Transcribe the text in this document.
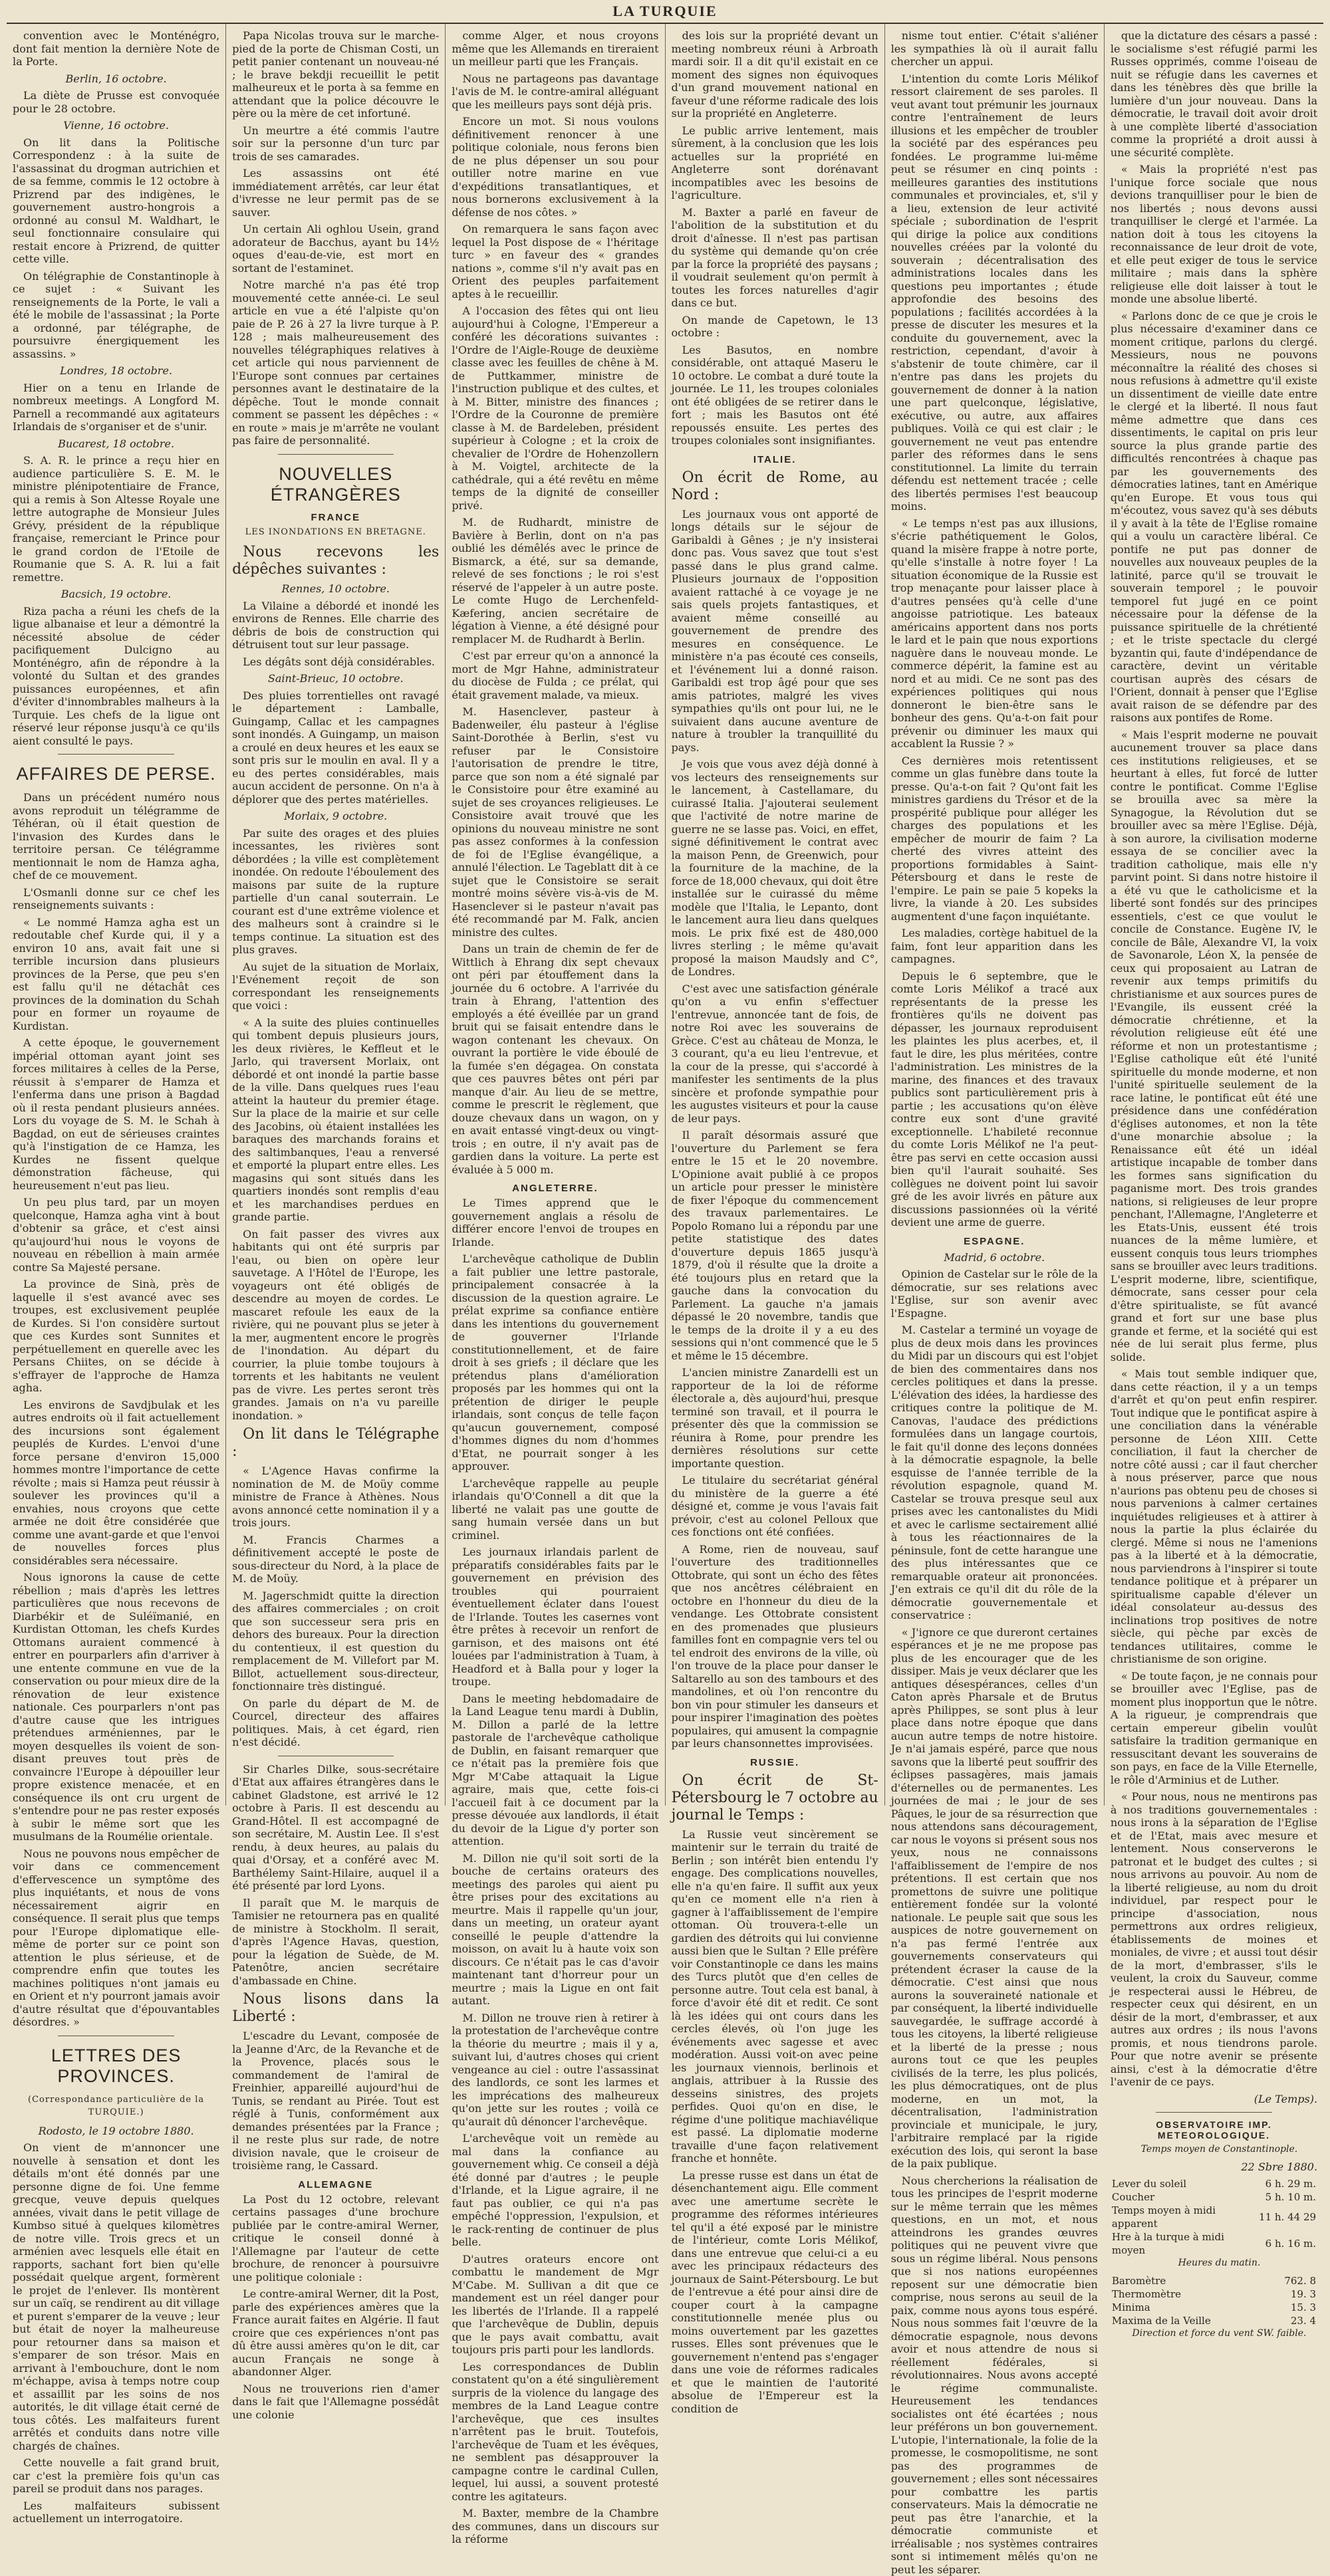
LA TURQUIE

convention avec le Monténégro, dont fait mention la dernière Note de la Porte.

Berlin, 16 octobre.

La diète de Prusse est convoquée pour le 28 octobre.

Vienne, 16 octobre.

On lit dans la Politische Correspondenz : à la suite de l'assassinat du drogman autrichien et de sa femme, commis le 12 octobre à Prizrend par des indigènes, le gouvernement austro-hongrois a ordonné au consul M. Waldhart, le seul fonctionnaire consulaire qui restait encore à Prizrend, de quitter cette ville.

On télégraphie de Constantinople à ce sujet : « Suivant les renseignements de la Porte, le vali a été le mobile de l'assassinat ; la Porte a ordonné, par télégraphe, de poursuivre énergiquement les assassins. »

Londres, 18 octobre.

Hier on a tenu en Irlande de nombreux meetings. A Longford M. Parnell a recommandé aux agitateurs Irlandais de s'organiser et de s'unir.

Bucarest, 18 octobre.

S. A. R. le prince a reçu hier en audience particulière S. E. M. le ministre plénipotentiaire de France, qui a remis à Son Altesse Royale une lettre autographe de Monsieur Jules Grévy, président de la république française, remerciant le Prince pour le grand cordon de l'Etoile de Roumanie que S. A. R. lui a fait remettre.

Bacsich, 19 octobre.

Riza pacha a réuni les chefs de la ligue albanaise et leur a démontré la nécessité absolue de céder pacifiquement Dulcigno au Monténégro, afin de répondre à la volonté du Sultan et des grandes puissances européennes, et afin d'éviter d'innombrables malheurs à la Turquie. Les chefs de la ligue ont réservé leur réponse jusqu'à ce qu'ils aient consulté le pays.

AFFAIRES DE PERSE.

Dans un précédent numéro nous avons reproduit un télégramme de Téhéran, où il était question de l'invasion des Kurdes dans le territoire persan. Ce télégramme mentionnait le nom de Hamza agha, chef de ce mouvement.

L'Osmanli donne sur ce chef les renseignements suivants :

« Le nommé Hamza agha est un redoutable chef Kurde qui, il y a environ 10 ans, avait fait une si terrible incursion dans plusieurs provinces de la Perse, que peu s'en est fallu qu'il ne détachât ces provinces de la domination du Schah pour en former un royaume de Kurdistan.

A cette époque, le gouvernement impérial ottoman ayant joint ses forces militaires à celles de la Perse, réussit à s'emparer de Hamza et l'enferma dans une prison à Bagdad où il resta pendant plusieurs années. Lors du voyage de S. M. le Schah à Bagdad, on eut de sérieuses craintes qu'à l'instigation de ce Hamza, les Kurdes ne fissent quelque démonstration fâcheuse, qui heureusement n'eut pas lieu.

Un peu plus tard, par un moyen quelconque, Hamza agha vint à bout d'obtenir sa grâce, et c'est ainsi qu'aujourd'hui nous le voyons de nouveau en rébellion à main armée contre Sa Majesté persane.

La province de Sinà, près de laquelle il s'est avancé avec ses troupes, est exclusivement peuplée de Kurdes. Si l'on considère surtout que ces Kurdes sont Sunnites et perpétuellement en querelle avec les Persans Chiites, on se décide à s'effrayer de l'approche de Hamza agha.

Les environs de Savdjbulak et les autres endroits où il fait actuellement des incursions sont également peuplés de Kurdes. L'envoi d'une force persane d'environ 15,000 hommes montre l'importance de cette révolte ; mais si Hamza peut réussir à soulever les provinces qu'il a envahies, nous croyons que cette armée ne doit être considérée que comme une avant-garde et que l'envoi de nouvelles forces plus considérables sera nécessaire.

Nous ignorons la cause de cette rébellion ; mais d'après les lettres particulières que nous recevons de Diarbékir et de Suléïmanié, en Kurdistan Ottoman, les chefs Kurdes Ottomans auraient commencé à entrer en pourparlers afin d'arriver à une entente commune en vue de la conservation ou pour mieux dire de la rénovation de leur existence nationale. Ces pourparlers n'ont pas d'autre cause que les intrigues prétendues arméniennes, par le moyen desquelles ils voient de son-disant preuves tout près de convaincre l'Europe à dépouiller leur propre existence menacée, et en conséquence ils ont cru urgent de s'entendre pour ne pas rester exposés à subir le même sort que les musulmans de la Roumélie orientale.

Nous ne pouvons nous empêcher de voir dans ce commencement d'effervescence un symptôme des plus inquiétants, et nous de vons nécessairement aigrir en conséquence. Il serait plus que temps pour l'Europe diplomatique elle-même de porter sur ce point son attention le plus sérieuse, et de comprendre enfin que toutes les machines politiques n'ont jamais eu en Orient et n'y pourront jamais avoir d'autre résultat que d'épouvantables désordres. »

LETTRES DES PROVINCES.

(Correspondance particulière de la TURQUIE.)

Rodosto, le 19 octobre 1880.

On vient de m'annoncer une nouvelle à sensation et dont les détails m'ont été donnés par une personne digne de foi. Une femme grecque, veuve depuis quelques années, vivait dans le petit village de Kumbso situé à quelques kilomètres de notre ville. Trois grecs et un arménien avec lesquels elle était en rapports, sachant fort bien qu'elle possédait quelque argent, formèrent le projet de l'enlever. Ils montèrent sur un caïq, se rendirent au dit village et purent s'emparer de la veuve ; leur but était de noyer la malheureuse pour retourner dans sa maison et s'emparer de son trésor. Mais en arrivant à l'embouchure, dont le nom m'échappe, avisa à temps notre coup et assaillit par les soins de nos autorités, le dit village était cerné de tous côtés. Les malfaiteurs furent arrêtés et conduits dans notre ville chargés de chaînes.

Cette nouvelle a fait grand bruit, car c'est la première fois qu'un cas pareil se produit dans nos parages.

Les malfaiteurs subissent actuellement un interrogatoire.

Papa Nicolas trouva sur le marche-pied de la porte de Chisman Costi, un petit panier contenant un nouveau-né ; le brave bekdji recueillit le petit malheureux et le porta à sa femme en attendant que la police découvre le père ou la mère de cet infortuné.

Un meurtre a été commis l'autre soir sur la personne d'un turc par trois de ses camarades.

Les assassins ont été immédiatement arrêtés, car leur état d'ivresse ne leur permit pas de se sauver.

Un certain Ali oghlou Usein, grand adorateur de Bacchus, ayant bu 14½ oques d'eau-de-vie, est mort en sortant de l'estaminet.

Notre marché n'a pas été trop mouvementé cette année-ci. Le seul article en vue a été l'alpiste qu'on paie de P. 26 à 27 la livre turque à P. 128 ; mais malheureusement des nouvelles télégraphiques relatives à cet article qui nous parviennent de l'Europe sont connues par certaines personnes avant le destinataire de la dépêche. Tout le monde connait comment se passent les dépêches : « en route » mais je m'arrête ne voulant pas faire de personnalité.

NOUVELLES ÉTRANGÈRES
FRANCE

LES INONDATIONS EN BRETAGNE.

Nous recevons les dépêches suivantes :

Rennes, 10 octobre.

La Vilaine a débordé et inondé les environs de Rennes. Elle charrie des débris de bois de construction qui détruisent tout sur leur passage.

Les dégâts sont déjà considérables.

Saint-Brieuc, 10 octobre.

Des pluies torrentielles ont ravagé le département : Lamballe, Guingamp, Callac et les campagnes sont inondés. A Guingamp, un maison a croulé en deux heures et les eaux se sont pris sur le moulin en aval. Il y a eu des pertes considérables, mais aucun accident de personne. On n'a à déplorer que des pertes matérielles.

Morlaix, 9 octobre.

Par suite des orages et des pluies incessantes, les rivières sont débordées ; la ville est complètement inondée. On redoute l'éboulement des maisons par suite de la rupture partielle d'un canal souterrain. Le courant est d'une extrême violence et des malheurs sont à craindre si le temps continue. La situation est des plus graves.

Au sujet de la situation de Morlaix, l'Evénement reçoit de son correspondant les renseignements que voici :

« A la suite des pluies continuelles qui tombent depuis plusieurs jours, les deux rivières, le Keffleut et le Jarlo, qui traversent Morlaix, ont débordé et ont inondé la partie basse de la ville. Dans quelques rues l'eau atteint la hauteur du premier étage. Sur la place de la mairie et sur celle des Jacobins, où étaient installées les baraques des marchands forains et des saltimbanques, l'eau a renversé et emporté la plupart entre elles. Les magasins qui sont situés dans les quartiers inondés sont remplis d'eau et les marchandises perdues en grande partie.

On fait passer des vivres aux habitants qui ont été surpris par l'eau, ou bien on opère leur sauvetage. A l'Hôtel de l'Europe, les voyageurs ont été obligés de descendre au moyen de cordes. Le mascaret refoule les eaux de la rivière, qui ne pouvant plus se jeter à la mer, augmentent encore le progrès de l'inondation. Au départ du courrier, la pluie tombe toujours à torrents et les habitants ne veulent pas de vivre. Les pertes seront très grandes. Jamais on n'a vu pareille inondation. »

On lit dans le Télégraphe :

« L'Agence Havas confirme la nomination de M. de Moüy comme ministre de France à Athènes. Nous avons annoncé cette nomination il y a trois jours.

M. Francis Charmes a définitivement accepté le poste de sous-directeur du Nord, à la place de M. de Moüy.

M. Jagerschmidt quitte la direction des affaires commerciales ; on croit que son successeur sera pris en dehors des bureaux. Pour la direction du contentieux, il est question du remplacement de M. Villefort par M. Billot, actuellement sous-directeur, fonctionnaire très distingué.

On parle du départ de M. de Courcel, directeur des affaires politiques. Mais, à cet égard, rien n'est décidé.

Sir Charles Dilke, sous-secrétaire d'Etat aux affaires étrangères dans le cabinet Gladstone, est arrivé le 12 octobre à Paris. Il est descendu au Grand-Hôtel. Il est accompagné de son secrétaire, M. Austin Lee. Il s'est rendu, à deux heures, au palais du quai d'Orsay, et a conféré avec M. Barthélemy Saint-Hilaire, auquel il a été présenté par lord Lyons.

Il paraît que M. le marquis de Tamisier ne retournera pas en qualité de ministre à Stockholm. Il serait, d'après l'Agence Havas, question, pour la légation de Suède, de M. Patenôtre, ancien secrétaire d'ambassade en Chine.

Nous lisons dans la Liberté :

L'escadre du Levant, composée de la Jeanne d'Arc, de la Revanche et de la Provence, placés sous le commandement de l'amiral de Freinhier, appareillé aujourd'hui de Tunis, se rendant au Pirée. Tout est réglé à Tunis, conformément aux demandes présentées par la France ; il ne reste plus sur rade, de notre division navale, que le croiseur de troisième rang, le Cassard.

ALLEMAGNE

La Post du 12 octobre, relevant certains passages d'une brochure publiée par le contre-amiral Werner, critique le conseil donné à l'Allemagne par l'auteur de cette brochure, de renoncer à poursuivre une politique coloniale :

Le contre-amiral Werner, dit la Post, parle des expériences amères que la France aurait faites en Algérie. Il faut croire que ces expériences n'ont pas dû être aussi amères qu'on le dit, car aucun Français ne songe à abandonner Alger.

Nous ne trouverions rien d'amer dans le fait que l'Allemagne possédât une colonie

comme Alger, et nous croyons même que les Allemands en tireraient un meilleur parti que les Français.

Nous ne partageons pas davantage l'avis de M. le contre-amiral alléguant que les meilleurs pays sont déjà pris.

Encore un mot. Si nous voulons définitivement renoncer à une politique coloniale, nous ferons bien de ne plus dépenser un sou pour outiller notre marine en vue d'expéditions transatlantiques, et nous bornerons exclusivement à la défense de nos côtes. »

On remarquera le sans façon avec lequel la Post dispose de « l'héritage turc » en faveur des « grandes nations », comme s'il n'y avait pas en Orient des peuples parfaitement aptes à le recueillir.

A l'occasion des fêtes qui ont lieu aujourd'hui à Cologne, l'Empereur a conféré les décorations suivantes : l'Ordre de l'Aigle-Rouge de deuxième classe avec les feuilles de chêne à M. de Puttkammer, ministre de l'instruction publique et des cultes, et à M. Bitter, ministre des finances ; l'Ordre de la Couronne de première classe à M. de Bardeleben, président supérieur à Cologne ; et la croix de chevalier de l'Ordre de Hohenzollern à M. Voigtel, architecte de la cathédrale, qui a été revêtu en même temps de la dignité de conseiller privé.

M. de Rudhardt, ministre de Bavière à Berlin, dont on n'a pas oublié les démêlés avec le prince de Bismarck, a été, sur sa demande, relevé de ses fonctions ; le roi s'est réservé de l'appeler à un autre poste. Le comte Hugo de Lerchenfeld-Kæfering, ancien secrétaire de légation à Vienne, a été désigné pour remplacer M. de Rudhardt à Berlin.

C'est par erreur qu'on a annoncé la mort de Mgr Hahne, administrateur du diocèse de Fulda ; ce prélat, qui était gravement malade, va mieux.

M. Hasenclever, pasteur à Badenweiler, élu pasteur à l'église Saint-Dorothée à Berlin, s'est vu refuser par le Consistoire l'autorisation de prendre le titre, parce que son nom a été signalé par le Consistoire pour être examiné au sujet de ses croyances religieuses. Le Consistoire avait trouvé que les opinions du nouveau ministre ne sont pas assez conformes à la confession de foi de l'Eglise évangélique, a annulé l'élection. Le Tageblatt dit à ce sujet que le Consistoire se serait montré moins sévère vis-à-vis de M. Hasenclever si le pasteur n'avait pas été recommandé par M. Falk, ancien ministre des cultes.

Dans un train de chemin de fer de Wittlich à Ehrang dix sept chevaux ont péri par étouffement dans la journée du 6 octobre. A l'arrivée du train à Ehrang, l'attention des employés a été éveillée par un grand bruit qui se faisait entendre dans le wagon contenant les chevaux. On ouvrant la portière le vide éboulé de la fumée s'en dégagea. On constata que ces pauvres bêtes ont péri par manque d'air. Au lieu de se mettre, comme le prescrit le règlement, que douze chevaux dans un wagon, on y en avait entassé vingt-deux ou vingt-trois ; en outre, il n'y avait pas de gardien dans la voiture. La perte est évaluée à 5 000 m.

ANGLETERRE.

Le Times apprend que le gouvernement anglais a résolu de différer encore l'envoi de troupes en Irlande.

L'archevêque catholique de Dublin a fait publier une lettre pastorale, principalement consacrée à la discussion de la question agraire. Le prélat exprime sa confiance entière dans les intentions du gouvernement de gouverner l'Irlande constitutionnellement, et de faire droit à ses griefs ; il déclare que les prétendus plans d'amélioration proposés par les hommes qui ont la prétention de diriger le peuple irlandais, sont conçus de telle façon qu'aucun gouvernement, composé d'hommes dignes du nom d'hommes d'Etat, ne pourrait songer à les approuver.

L'archevêque rappelle au peuple irlandais qu'O'Connell a dit que la liberté ne valait pas une goutte de sang humain versée dans un but criminel.

Les journaux irlandais parlent de préparatifs considérables faits par le gouvernement en prévision des troubles qui pourraient éventuellement éclater dans l'ouest de l'Irlande. Toutes les casernes vont être prêtes à recevoir un renfort de garnison, et des maisons ont été louées par l'administration à Tuam, à Headford et à Balla pour y loger la troupe.

Dans le meeting hebdomadaire de la Land League tenu mardi à Dublin, M. Dillon a parlé de la lettre pastorale de l'archevêque catholique de Dublin, en faisant remarquer que ce n'était pas la première fois que Mgr M'Cabe attaquait la Ligue agraire, mais que, cette fois-ci l'accueil fait à ce document par la presse dévouée aux landlords, il était du devoir de la Ligue d'y porter son attention.

M. Dillon nie qu'il soit sorti de la bouche de certains orateurs des meetings des paroles qui aient pu être prises pour des excitations au meurtre. Mais il rappelle qu'un jour, dans un meeting, un orateur ayant conseillé le peuple d'attendre la moisson, on avait lu à haute voix son discours. Ce n'était pas le cas d'avoir maintenant tant d'horreur pour un meurtre ; mais la Ligue en ont fait autant.

M. Dillon ne trouve rien à retirer à la protestation de l'archevêque contre la théorie du meurtre ; mais il y a, suivant lui, d'autres choses qui crient vengeance au ciel : outre l'assassinat des landlords, ce sont les larmes et les imprécations des malheureux qu'on jette sur les routes ; voilà ce qu'aurait dû dénoncer l'archevêque.

L'archevêque voit un remède au mal dans la confiance au gouvernement whig. Ce conseil a déjà été donné par d'autres ; le peuple d'Irlande, et la Ligue agraire, il ne faut pas oublier, ce qui n'a pas empêché l'oppression, l'expulsion, et le rack-renting de continuer de plus belle.

D'autres orateurs encore ont combattu le mandement de Mgr M'Cabe. M. Sullivan a dit que ce mandement est un réel danger pour les libertés de l'Irlande. Il a rappelé que l'archevêque de Dublin, depuis que le pays avait combattu, avait toujours pris parti pour les landlords.

Les correspondances de Dublin constatent qu'on a été singulièrement surpris de la violence du langage des membres de la Land League contre l'archevêque, que ces insultes n'arrêtent pas le bruit. Toutefois, l'archevêque de Tuam et les évêques, ne semblent pas désapprouver la campagne contre le cardinal Cullen, lequel, lui aussi, a souvent protesté contre les agitateurs.

M. Baxter, membre de la Chambre des communes, dans un discours sur la réforme

des lois sur la propriété devant un meeting nombreux réuni à Arbroath mardi soir. Il a dit qu'il existait en ce moment des signes non équivoques d'un grand mouvement national en faveur d'une réforme radicale des lois sur la propriété en Angleterre.

Le public arrive lentement, mais sûrement, à la conclusion que les lois actuelles sur la propriété en Angleterre sont dorénavant incompatibles avec les besoins de l'agriculture.

M. Baxter a parlé en faveur de l'abolition de la substitution et du droit d'aînesse. Il n'est pas partisan du système qui demande qu'on crée par la force la propriété des paysans ; il voudrait seulement qu'on permît à toutes les forces naturelles d'agir dans ce but.

On mande de Capetown, le 13 octobre :

Les Basutos, en nombre considérable, ont attaqué Maseru le 10 octobre. Le combat a duré toute la journée. Le 11, les troupes coloniales ont été obligées de se retirer dans le fort ; mais les Basutos ont été repoussés ensuite. Les pertes des troupes coloniales sont insignifiantes.

ITALIE.

On écrit de Rome, au Nord :

Les journaux vous ont apporté de longs détails sur le séjour de Garibaldi à Gênes ; je n'y insisterai donc pas. Vous savez que tout s'est passé dans le plus grand calme. Plusieurs journaux de l'opposition avaient rattaché à ce voyage je ne sais quels projets fantastiques, et avaient même conseillé au gouvernement de prendre des mesures en conséquence. Le ministère n'a pas écouté ces conseils, et l'événement lui a donné raison. Garibaldi est trop âgé pour que ses amis patriotes, malgré les vives sympathies qu'ils ont pour lui, ne le suivaient dans aucune aventure de nature à troubler la tranquillité du pays.

Je vois que vous avez déjà donné à vos lecteurs des renseignements sur le lancement, à Castellamare, du cuirassé Italia. J'ajouterai seulement que l'activité de notre marine de guerre ne se lasse pas. Voici, en effet, signé définitivement le contrat avec la maison Penn, de Greenwich, pour la fourniture de la machine, de la force de 18,000 chevaux, qui doit être installée sur le cuirassé du même modèle que l'Italia, le Lepanto, dont le lancement aura lieu dans quelques mois. Le prix fixé est de 480,000 livres sterling ; le même qu'avait proposé la maison Maudsly and C°, de Londres.

C'est avec une satisfaction générale qu'on a vu enfin s'effectuer l'entrevue, annoncée tant de fois, de notre Roi avec les souverains de Grèce. C'est au château de Monza, le 3 courant, qu'a eu lieu l'entrevue, et la cour de la presse, qui s'accordé à manifester les sentiments de la plus sincère et profonde sympathie pour les augustes visiteurs et pour la cause de leur pays.

Il paraît désormais assuré que l'ouverture du Parlement se fera entre le 15 et le 20 novembre. L'Opinione avait publié à ce propos un article pour presser le ministère de fixer l'époque du commencement des travaux parlementaires. Le Popolo Romano lui a répondu par une petite statistique des dates d'ouverture depuis 1865 jusqu'à 1879, d'où il résulte que la droite a été toujours plus en retard que la gauche dans la convocation du Parlement. La gauche n'a jamais dépassé le 20 novembre, tandis que le temps de la droite il y a eu des sessions qui n'ont commencé que le 5 et même le 15 décembre.

L'ancien ministre Zanardelli est un rapporteur de la loi de réforme électorale a, dès aujourd'hui, presque terminé son travail, et il pourra le présenter dès que la commission se réunira à Rome, pour prendre les dernières résolutions sur cette importante question.

Le titulaire du secrétariat général du ministère de la guerre a été désigné et, comme je vous l'avais fait prévoir, c'est au colonel Pelloux que ces fonctions ont été confiées.

A Rome, rien de nouveau, sauf l'ouverture des traditionnelles Ottobrate, qui sont un écho des fêtes que nos ancêtres célébraient en octobre en l'honneur du dieu de la vendange. Les Ottobrate consistent en des promenades que plusieurs familles font en compagnie vers tel ou tel endroit des environs de la ville, où l'on trouve de la place pour danser le Saltarello au son des tambours et des mandolines, et où l'on rencontre du bon vin pour stimuler les danseurs et pour inspirer l'imagination des poètes populaires, qui amusent la compagnie par leurs chansonnettes improvisées.

RUSSIE.

On écrit de St-Pétersbourg le 7 octobre au journal le Temps :

La Russie veut sincèrement se maintenir sur le terrain du traité de Berlin ; son intérêt bien entendu l'y engage. Des complications nouvelles, elle n'a qu'en faire. Il suffit aux yeux qu'en ce moment elle n'a rien à gagner à l'affaiblissement de l'empire ottoman. Où trouvera-t-elle un gardien des détroits qui lui convienne aussi bien que le Sultan ? Elle préfère voir Constantinople ce dans les mains des Turcs plutôt que d'en celles de personne autre. Tout cela est banal, à force d'avoir été dit et redit. Ce sont là les idées qui ont cours dans les cercles élevés, où l'on juge les événements avec sagesse et avec modération. Aussi voit-on avec peine les journaux viennois, berlinois et anglais, attribuer à la Russie des desseins sinistres, des projets perfides. Quoi qu'on en dise, le régime d'une politique machiavélique est passé. La diplomatie moderne travaille d'une façon relativement franche et honnête.

La presse russe est dans un état de désenchantement aigu. Elle comment avec une amertume secrète le programme des réformes intérieures tel qu'il a été exposé par le ministre de l'intérieur, comte Loris Mélikof, dans une entrevue que celui-ci a eu avec les principaux rédacteurs des journaux de Saint-Pétersbourg. Le but de l'entrevue a été pour ainsi dire de couper court à la campagne constitutionnelle menée plus ou moins ouvertement par les gazettes russes. Elles sont prévenues que le gouvernement n'entend pas s'engager dans une voie de réformes radicales et que le maintien de l'autorité absolue de l'Empereur est la condition de

nisme tout entier. C'était s'aliéner les sympathies là où il aurait fallu chercher un appui.

L'intention du comte Loris Mélikof ressort clairement de ses paroles. Il veut avant tout prémunir les journaux contre l'entraînement de leurs illusions et les empêcher de troubler la société par des espérances peu fondées. Le programme lui-même peut se résumer en cinq points : meilleures garanties des institutions communales et provinciales, et, s'il y a lieu, extension de leur activité spéciale ; subordination de l'esprit qui dirige la police aux conditions nouvelles créées par la volonté du souverain ; décentralisation des administrations locales dans les questions peu importantes ; étude approfondie des besoins des populations ; facilités accordées à la presse de discuter les mesures et la conduite du gouvernement, avec la restriction, cependant, d'avoir à s'abstenir de toute chimère, car il n'entre pas dans les projets du gouvernement de donner à la nation une part quelconque, législative, exécutive, ou autre, aux affaires publiques. Voilà ce qui est clair ; le gouvernement ne veut pas entendre parler des réformes dans le sens constitutionnel. La limite du terrain défendu est nettement tracée ; celle des libertés permises l'est beaucoup moins.

« Le temps n'est pas aux illusions, s'écrie pathétiquement le Golos, quand la misère frappe à notre porte, qu'elle s'installe à notre foyer ! La situation économique de la Russie est trop menaçante pour laisser place à d'autres pensées qu'à celle d'une angoisse patriotique. Les bateaux américains apportent dans nos ports le lard et le pain que nous exportions naguère dans le nouveau monde. Le commerce dépérit, la famine est au nord et au midi. Ce ne sont pas des expériences politiques qui nous donneront le bien-être sans le bonheur des gens. Qu'a-t-on fait pour prévenir ou diminuer les maux qui accablent la Russie ? »

Ces dernières mois retentissent comme un glas funèbre dans toute la presse. Qu'a-t-on fait ? Qu'ont fait les ministres gardiens du Trésor et de la prospérité publique pour alléger les charges des populations et les empêcher de mourir de faim ? La cherté des vivres atteint des proportions formidables à Saint-Pétersbourg et dans le reste de l'empire. Le pain se paie 5 kopeks la livre, la viande à 20. Les subsides augmentent d'une façon inquiétante.

Les maladies, cortège habituel de la faim, font leur apparition dans les campagnes.

Depuis le 6 septembre, que le comte Loris Mélikof a tracé aux représentants de la presse les frontières qu'ils ne doivent pas dépasser, les journaux reproduisent les plaintes les plus acerbes, et, il faut le dire, les plus méritées, contre l'administration. Les ministres de la marine, des finances et des travaux publics sont particulièrement pris à partie ; les accusations qu'on élève contre eux sont d'une gravité exceptionnelle. L'habileté reconnue du comte Loris Mélikof ne l'a peut-être pas servi en cette occasion aussi bien qu'il l'aurait souhaité. Ses collègues ne doivent point lui savoir gré de les avoir livrés en pâture aux discussions passionnées où la vérité devient une arme de guerre.

ESPAGNE.

Madrid, 6 octobre.

Opinion de Castelar sur le rôle de la démocratie, sur ses relations avec l'Eglise, sur son avenir avec l'Espagne.

M. Castelar a terminé un voyage de plus de deux mois dans les provinces du Midi par un discours qui est l'objet de bien des commentaires dans nos cercles politiques et dans la presse. L'élévation des idées, la hardiesse des critiques contre la politique de M. Canovas, l'audace des prédictions formulées dans un langage courtois, le fait qu'il donne des leçons données à la démocratie espagnole, la belle esquisse de l'année terrible de la révolution espagnole, quand M. Castelar se trouva presque seul aux prises avec les cantonalistes du Midi et avec le carlisme sectairement allié à tous les réactionnaires de la péninsule, font de cette harangue une des plus intéressantes que ce remarquable orateur ait prononcées. J'en extrais ce qu'il dit du rôle de la démocratie gouvernementale et conservatrice :

« J'ignore ce que dureront certaines espérances et je ne me propose pas plus de les encourager que de les dissiper. Mais je veux déclarer que les antiques désespérances, celles d'un Caton après Pharsale et de Brutus après Philippes, se sont plus à leur place dans notre époque que dans aucun autre temps de notre histoire. Je n'ai jamais espéré, parce que nous savons que la liberté peut souffrir des éclipses passagères, mais jamais d'éternelles ou de permanentes. Les journées de mai ; le jour de ses Pâques, le jour de sa résurrection que nous attendons sans découragement, car nous le voyons si présent sous nos yeux, nous ne connaissons l'affaiblissement de l'empire de nos prétentions. Il est certain que nos promettons de suivre une politique entièrement fondée sur la volonté nationale. Le peuple sait que sous les auspices de notre gouvernement on n'a pas fermé l'entrée aux gouvernements conservateurs qui prétendent écraser la cause de la démocratie. C'est ainsi que nous aurons la souveraineté nationale et par conséquent, la liberté individuelle sauvegardée, le suffrage accordé à tous les citoyens, la liberté religieuse et la liberté de la presse ; nous aurons tout ce que les peuples civilisés de la terre, les plus policés, les plus démocratiques, ont de plus moderne, en un mot, la décentralisation, l'administration provinciale et municipale, le jury, l'arbitraire remplacé par la rigide exécution des lois, qui seront la base de la paix publique.

Nous chercherions la réalisation de tous les principes de l'esprit moderne sur le même terrain que les mêmes questions, en un mot, et nous atteindrons les grandes œuvres politiques qui ne peuvent vivre que sous un régime libéral. Nous pensons que si nos nations européennes reposent sur une démocratie bien comprise, nous serons au seuil de la paix, comme nous ayons tous espéré. Nous nous sommes fait l'œuvre de la démocratie espagnole, nous devons avoir et nous attendre de nous si réellement fédérales, si révolutionnaires. Nous avons accepté le régime communaliste. Heureusement les tendances socialistes ont été écartées ; nous leur préférons un bon gouvernement. L'utopie, l'internationale, la folie de la promesse, le cosmopolitisme, ne sont pas des programmes de gouvernement ; elles sont nécessaires pour combattre les partis conservateurs. Mais la démocratie ne peut pas être l'anarchie, et la démocratie communiste et irréalisable ; nos systèmes contraires sont si intimement mêlés qu'on ne peut les séparer.

que la dictature des césars a passé : le socialisme s'est réfugié parmi les Russes opprimés, comme l'oiseau de nuit se réfugie dans les cavernes et dans les ténèbres dès que brille la lumière d'un jour nouveau. Dans la démocratie, le travail doit avoir droit à une complète liberté d'association comme la propriété a droit aussi à une sécurité complète.

« Mais la propriété n'est pas l'unique force sociale que nous devions tranquilliser pour le bien de nos libertés ; nous devons aussi tranquilliser le clergé et l'armée. La nation doit à tous les citoyens la reconnaissance de leur droit de vote, et elle peut exiger de tous le service militaire ; mais dans la sphère religieuse elle doit laisser à tout le monde une absolue liberté.

« Parlons donc de ce que je crois le plus nécessaire d'examiner dans ce moment critique, parlons du clergé. Messieurs, nous ne pouvons méconnaître la réalité des choses si nous refusions à admettre qu'il existe un dissentiment de vieille date entre le clergé et la liberté. Il nous faut même admettre que dans ces dissentiments, le capital on pris leur source la plus grande partie des difficultés rencontrées à chaque pas par les gouvernements des démocraties latines, tant en Amérique qu'en Europe. Et vous tous qui m'écoutez, vous savez qu'à ses débuts il y avait à la tête de l'Eglise romaine qui a voulu un caractère libéral. Ce pontife ne put pas donner de nouvelles aux nouveaux peuples de la latinité, parce qu'il se trouvait le souverain temporel ; le pouvoir temporel fut jugé en ce point nécessaire pour la défense de la puissance spirituelle de la chrétienté ; et le triste spectacle du clergé byzantin qui, faute d'indépendance de caractère, devint un véritable courtisan auprès des césars de l'Orient, donnait à penser que l'Eglise avait raison de se défendre par des raisons aux pontifes de Rome.

« Mais l'esprit moderne ne pouvait aucunement trouver sa place dans ces institutions religieuses, et se heurtant à elles, fut forcé de lutter contre le pontificat. Comme l'Eglise se brouilla avec sa mère la Synagogue, la Révolution dut se brouiller avec sa mère l'Eglise. Déjà, à son aurore, la civilisation moderne essaya de se concilier avec la tradition catholique, mais elle n'y parvint point. Si dans notre histoire il a été vu que le catholicisme et la liberté sont fondés sur des principes essentiels, c'est ce que voulut le concile de Constance. Eugène IV, le concile de Bâle, Alexandre VI, la voix de Savonarole, Léon X, la pensée de ceux qui proposaient au Latran de revenir aux temps primitifs du christianisme et aux sources pures de l'Evangile, ils eussent créé la démocratie chrétienne, et la révolution religieuse eût été une réforme et non un protestantisme ; l'Eglise catholique eût été l'unité spirituelle du monde moderne, et non l'unité spirituelle seulement de la race latine, le pontificat eût été une présidence dans une confédération d'églises autonomes, et non la tête d'une monarchie absolue ; la Renaissance eût été un idéal artistique incapable de tomber dans les formes sans signification du paganisme mort. Des trois grandes nations, si religieuses de leur propre penchant, l'Allemagne, l'Angleterre et les Etats-Unis, eussent été trois nuances de la même lumière, et eussent conquis tous leurs triomphes sans se brouiller avec leurs traditions. L'esprit moderne, libre, scientifique, démocrate, sans cesser pour cela d'être spiritualiste, se fût avancé grand et fort sur une base plus grande et ferme, et la société qui est née de lui serait plus ferme, plus solide.

« Mais tout semble indiquer que, dans cette réaction, il y a un temps d'arrêt et qu'on peut enfin respirer. Tout indique que le pontificat aspire à une conciliation dans la vénérable personne de Léon XIII. Cette conciliation, il faut la chercher de notre côté aussi ; car il faut chercher à nous préserver, parce que nous n'aurions pas obtenu peu de choses si nous parvenions à calmer certaines inquiétudes religieuses et à attirer à nous la partie la plus éclairée du clergé. Même si nous ne l'amenions pas à la liberté et à la démocratie, nous parviendrons à l'inspirer si toute tendance politique et à préparer un spiritualisme capable d'élever un idéal consolateur au-dessus des inclinations trop positives de notre siècle, qui pèche par excès de tendances utilitaires, comme le christianisme de son origine.

« De toute façon, je ne connais pour se brouiller avec l'Eglise, pas de moment plus inopportun que le nôtre. A la rigueur, je comprendrais que certain empereur gibelin voulût satisfaire la tradition germanique en ressuscitant devant les souverains de son pays, en face de la Ville Eternelle, le rôle d'Arminius et de Luther.

« Pour nous, nous ne mentirons pas à nos traditions gouvernementales : nous irons à la séparation de l'Eglise et de l'Etat, mais avec mesure et lentement. Nous conserverons le patronat et le budget des cultes ; si nous arrivons au pouvoir. Au nom de la liberté religieuse, au nom du droit individuel, par respect pour le principe d'association, nous permettrons aux ordres religieux, établissements de moines et moniales, de vivre ; et aussi tout désir de la mort, d'embrasser, s'ils le veulent, la croix du Sauveur, comme je respecterai aussi le Hébreu, de respecter ceux qui désirent, en un désir de la mort, d'embrasser, et aux autres aux ordres ; ils nous l'avons promis, et nous tiendrons parole. Pour que notre avenir se présente ainsi, c'est à la démocratie d'être l'avenir de ce pays.

(Le Temps).

OBSERVATOIRE IMP. METEOROLOGIQUE.

Temps moyen de Constantinople.

22 Sbre 1880.

Lever du soleil	6 h. 29 m.
Coucher	5 h. 10 m.
Temps moyen à midi apparent	11 h. 44 29
Hre à la turque à midi moyen	6 h. 16 m.

Heures du matin.

Baromètre	762. 8
Thermomètre	19. 3
Minima	15. 3
Maxima de la Veille	23. 4

Direction et force du vent SW. faible.
